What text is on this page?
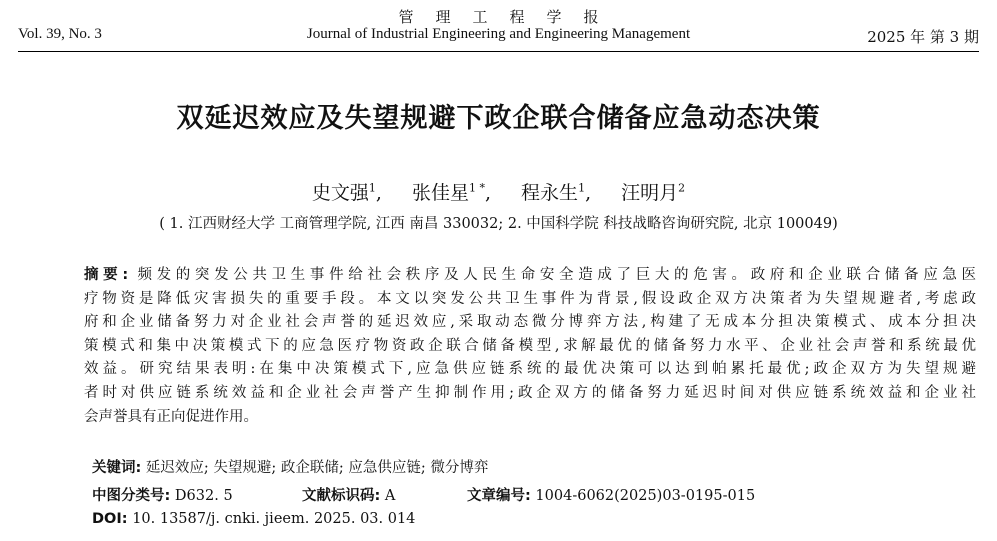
Vol. 39, No. 3
管理工程学报
Journal of Industrial Engineering and Engineering Management	2025 年 第 3 期
双延迟效应及失望规避下政企联合储备应急动态决策
史文强$^1$, 张佳星$^{1 *}$, 程永生$^1$, 汪明月$^2$
( 1. 江西财经大学 工商管理学院, 江西 南昌 330032; 2. 中国科学院 科技战略咨询研究院, 北京 100049)
摘要: 频发的突发公共卫生事件给社会秩序及人民生命安全造成了巨大的危害。政府和企业联合储备应急医
疗物资是降低灾害损失的重要手段。本文以突发公共卫生事件为背景,假设政企双方决策者为失望规避者,考虑政
府和企业储备努力对企业社会声誉的延迟效应,采取动态微分博弈方法,构建了无成本分担决策模式、成本分担决
策模式和集中决策模式下的应急医疗物资政企联合储备模型,求解最优的储备努力水平、企业社会声誉和系统最优
效益。研究结果表明:在集中决策模式下,应急供应链系统的最优决策可以达到帕累托最优;政企双方为失望规避
者时对供应链系统效益和企业社会声誉产生抑制作用;政企双方的储备努力延迟时间对供应链系统效益和企业社
会声誉具有正向促进作用。
关键词: 延迟效应; 失望规避; 政企联储; 应急供应链; 微分博弈
中图分类号: D632. 5	文献标识码: A	文章编号: 1004-6062(2025)03-0195-015
DOI: 10. 13587/j. cnki. jieem. 2025. 03. 014
